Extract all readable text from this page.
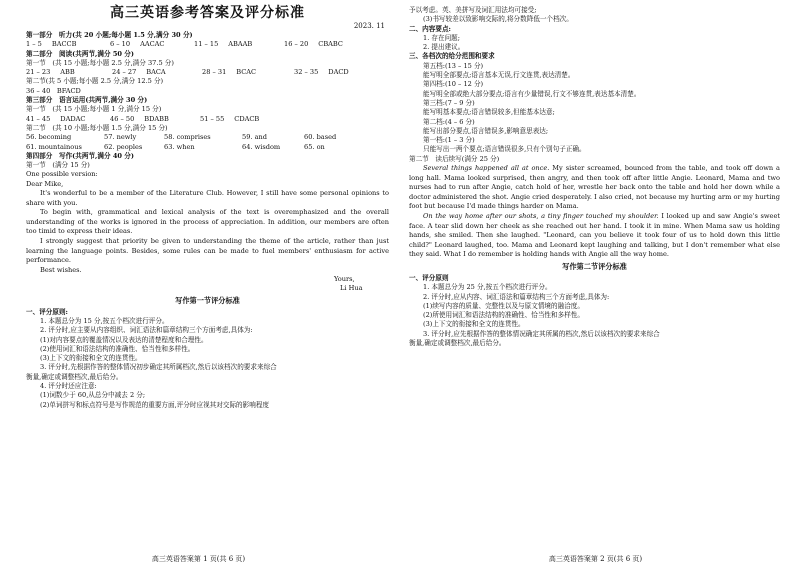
高三英语参考答案及评分标准
2023. 11
第一部分　听力(共 20 小题;每小题 1.5 分,满分 30 分)
1 – 5 BACCB	6 – 10 AACAC	11 – 15 ABAAB	16 – 20 CBABC
第二部分　阅读(共两节,满分 50 分)
第一节　(共 15 小题;每小题 2.5 分,满分 37.5 分)
21 – 23 ABB	24 – 27 BACA	28 – 31 BCAC	32 – 35 DACD
第二节(共 5 小题;每小题 2.5 分,满分 12.5 分)
36 – 40　BFACD
第三部分　语言运用(共两节,满分 30 分)
第一节　(共 15 小题;每小题 1 分,满分 15 分)
41 – 45 DADAC	46 – 50 BDABB	51 – 55 CDACB
第二节　(共 10 小题;每小题 1.5 分,满分 15 分)
56. becoming	57. newly	58. comprises	59. and	60. based
61. mountainous	62. peoples	63. when	64. wisdom	65. on
第四部分　写作(共两节,满分 40 分)
第一节　(满分 15 分)
One possible version:
Dear Mike,

It's wonderful to be a member of the Literature Club. However, I still have some personal opinions to share with you.

To begin with, grammatical and lexical analysis of the text is overemphasized and the overall understanding of the works is ignored in the process of appreciation. In addition, our members are often too timid to express their ideas.

I strongly suggest that priority be given to understanding the theme of the article, rather than just learning the language points. Besides, some rules can be made to fuel members' enthusiasm for active performance.

Best wishes.
Yours,
Li Hua
写作第一节评分标准
一、评分原则:
1. 本题总分为 15 分,按五个档次进行评分。
2. 评分时,应主要从内容组织、词汇语法和篇章结构三个方面考虑,具体为:
(1)对内容要点的覆盖情况以及表达的清楚程度和合理性。
(2)使用词汇和语法结构的准确性、恰当性和多样性。
(3)上下文的衔接和全文的连贯性。
3. 评分时,先根据作答的整体情况初步确定其所属档次,然后以该档次的要求来综合
衡量,确定或调整档次,最后给分。
4. 评分时还应注意:
(1)词数少于 60,从总分中减去 2 分;
(2)单词拼写和标点符号是写作规范的重要方面,评分时应视其对交际的影响程度
高三英语答案第 1 页(共 6 页)
予以考虑。英、美拼写及词汇用法均可接受;
(3)书写较差以致影响交际的,将分数降低一个档次。
二、内容要点:
1. 存在问题;
2. 提出建议。
三、各档次的给分范围和要求
第五档:(13 – 15 分)
能写明全部要点;语言基本无误,行文连贯,表达清楚。
第四档:(10 – 12 分)
能写明全部或绝大部分要点;语言有少量错误,行文不够连贯,表达基本清楚。
第三档:(7 – 9 分)
能写明基本要点;语言错误较多,但能基本达意;
第二档:(4 – 6 分)
能写出部分要点,语言错误多,影响意思表达;
第一档:(1 – 3 分)
只能写出一两个要点;语言错误很多,只有个别句子正确。
第二节　读后续写(满分 25 分)

Several things happened all at once. My sister screamed, bounced from the table, and took off down a long hall. Mama looked surprised, then angry, and then took off after little Angie. Leonard, Mama and two nurses had to run after Angie, catch hold of her, wrestle her back onto the table and hold her down while a doctor administered the shot. Angie cried desperately. I also cried, not because my hurting arm or my hurting foot but because I'd made things harder on Mama.

On the way home after our shots, a tiny finger touched my shoulder. I looked up and saw Angie's sweet face. A tear slid down her cheek as she reached out her hand. I took it in mine. When Mama saw us holding hands, she smiled. Then she laughed. "Leonard, can you believe it took four of us to hold down this little child?" Leonard laughed, too. Mama and Leonard kept laughing and talking, but I don't remember what else they said. What I do remember is holding hands with Angie all the way home.

写作第二节评分标准
一、评分原则
1. 本题总分为 25 分,按五个档次进行评分。
2. 评分时,应从内容、词汇语法和篇章结构三个方面考虑,具体为:
(1)续写内容的质量、完整性以及与原文情境的融洽度。
(2)所使用词汇和语法结构的准确性、恰当性和多样性。
(3)上下文的衔接和全文的连贯性。
3. 评分时,应先根据作答的整体情况确定其所属的档次,然后以该档次的要求来综合
衡量,确定或调整档次,最后给分。
高三英语答案第 2 页(共 6 页)
